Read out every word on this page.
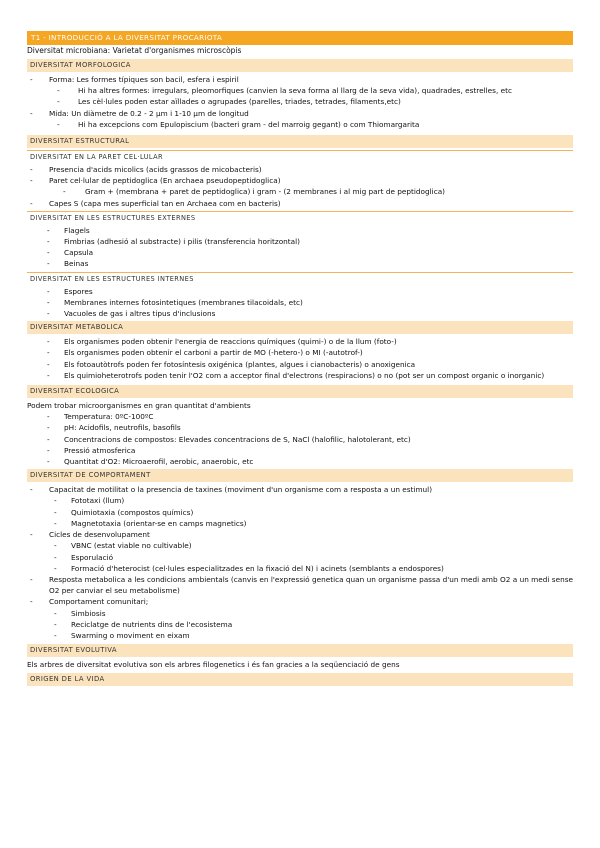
T1 - INTRODUCCIÓ A LA DIVERSITAT PROCARIOTA
Diversitat microbiana: Varietat d'organismes microscòpis
DIVERSITAT MORFOLOGICA
- Forma: Les formes típiques son bacil, esfera i espiril
-	Hi ha altres formes: irregulars, pleomorfiques (canvien la seva forma al llarg de la seva vida), quadrades, estrelles, etc
-	Les cèl·lules poden estar aïllades o agrupades (parelles, triades, tetrades, filaments,etc)
- Mida: Un diàmetre de 0.2 - 2 µm i 1-10 µm de longitud
-	Hi ha excepcions com Epulopiscium (bacteri gram - del marroig gegant) o com Thiomargarita
DIVERSITAT ESTRUCTURAL
DIVERSITAT EN LA PARET CEL·LULAR
- Presencia d'acids micolics (acids grassos de micobacteris)
- Paret cel·lular de peptidoglica (En archaea pseudopeptidoglica)
-	Gram + (membrana + paret de peptidoglica) i gram - (2 membranes i al mig part de peptidoglica)
- Capes S (capa mes superficial tan en Archaea com en bacteris)
DIVERSITAT EN LES ESTRUCTURES EXTERNES
- Flagels
- Fimbrias (adhesió al substracte) i pilis (transferencia horitzontal)
- Capsula
- Beinas
DIVERSITAT EN LES ESTRUCTURES INTERNES
- Espores
- Membranes internes fotosintetiques (membranes tilacoidals, etc)
- Vacuoles de gas i altres tipus d'inclusions
DIVERSITAT METABOLICA
- Els organismes poden obtenir l'energia de reaccions químiques (quimi-) o de la llum (foto-)
- Els organismes poden obtenir el carboni a partir de MO (-hetero-) o MI (-autotrof-)
- Els fotoautòtrofs poden fer fotosíntesis oxigénica (plantes, algues i cianobacteris) o anoxigenica
- Els quimioheterotrofs poden tenir l'O2 com a acceptor final d'electrons (respiracions) o no (pot ser un compost organic o inorganic)
DIVERSITAT ECOLOGICA
Podem trobar microorganismes en gran quantitat d'ambients
- Temperatura: 0ºC-100ºC
- pH: Acidofils, neutrofils, basofils
- Concentracions de compostos: Elevades concentracions de S, NaCl (halofilic, halotolerant, etc)
- Pressió atmosferica
- Quantitat d'O2: Microaerofil, aerobic, anaerobic, etc
DIVERSITAT DE COMPORTAMENT
- Capacitat de motilitat o la presencia de taxines (moviment d'un organisme com a resposta a un estimul)
- Fototaxi (llum)
- Quimiotaxia (compostos químics)
- Magnetotaxia (orientar-se en camps magnetics)
- Cicles de desenvolupament
- VBNC (estat viable no cultivable)
- Esporulació
- Formació d'heterocist (cel·lules especialitzades en la fixació del N) i acinets (semblants a endospores)
- Resposta metabolica a les condicions ambientals (canvis en l'expressió genetica quan un organisme passa d'un medi amb O2 a un medi sense O2 per canviar el seu metabolisme)
- Comportament comunitari;
- Simbiosis
- Reciclatge de nutrients dins de l'ecosistema
- Swarming o moviment en eixam
DIVERSITAT EVOLUTIVA
Els arbres de diversitat evolutiva son els arbres filogenetics i és fan gracies a la seqüenciació de gens
ORIGEN DE LA VIDA
